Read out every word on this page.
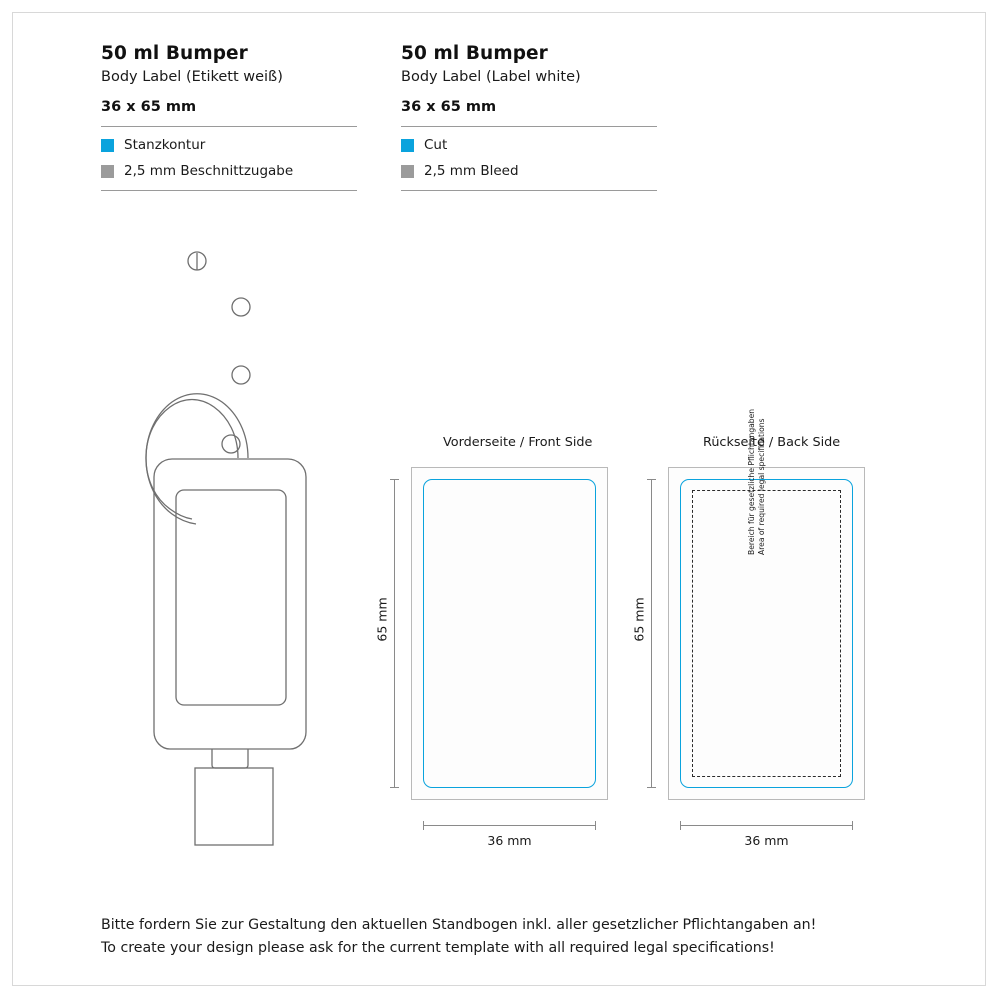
50 ml Bumper
Body Label (Etikett weiß)
36 x 65 mm
Stanzkontur
2,5 mm Beschnittzugabe
50 ml Bumper
Body Label (Label white)
36 x 65 mm
Cut
2,5 mm Bleed
Vorderseite / Front Side
65 mm
36 mm
Rückseite / Back Side
Bereich für gesetzliche Pflichtangaben Area of required legal specifications
65 mm
36 mm
Bitte fordern Sie zur Gestaltung den aktuellen Standbogen inkl. aller gesetzlicher Pflichtangaben an!
To create your design please ask for the current template with all required legal specifications!
